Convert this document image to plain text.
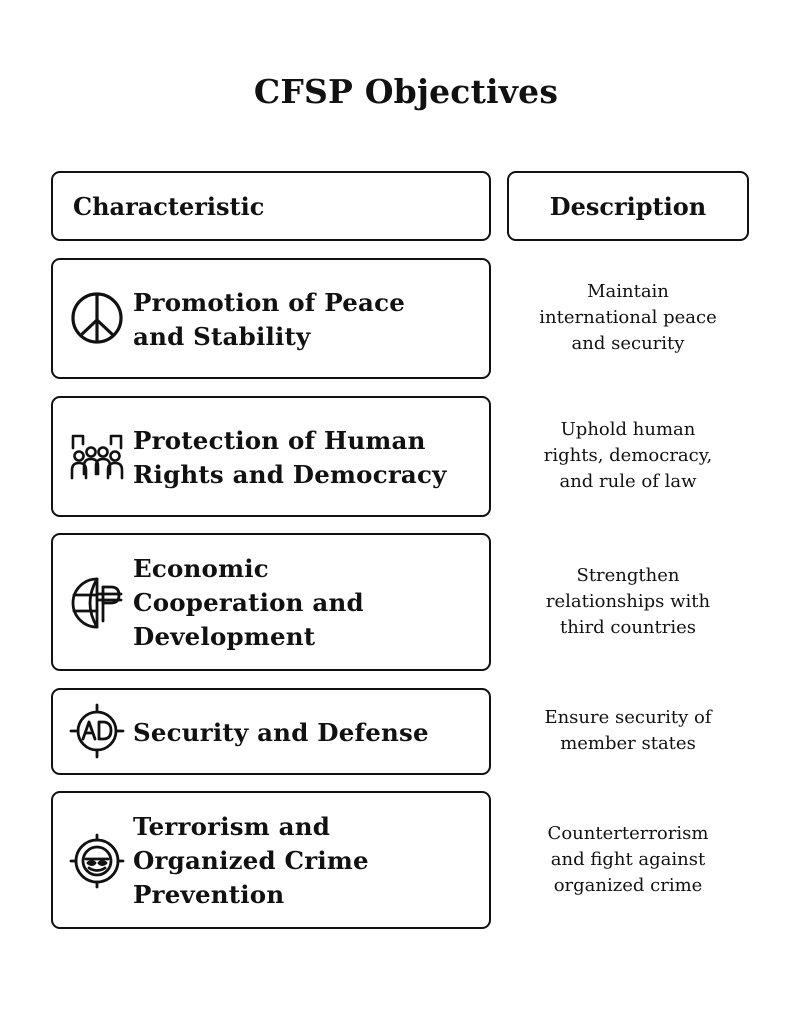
CFSP Objectives
Characteristic	Description
Promotion of Peace
and Stability
Maintain
international peace
and security
Protection of Human
Rights and Democracy
Uphold human
rights, democracy,
and rule of law
Economic
Cooperation and
Development
Strengthen
relationships with
third countries
Security and Defense
Ensure security of
member states
Terrorism and
Organized Crime
Prevention
Counterterrorism
and fight against
organized crime
